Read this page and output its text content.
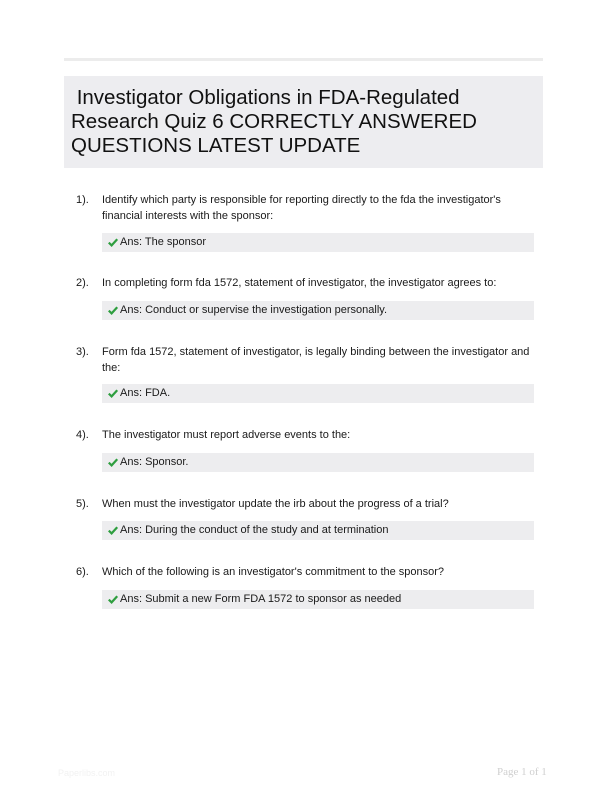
Investigator Obligations in FDA-Regulated Research Quiz 6 CORRECTLY ANSWERED QUESTIONS LATEST UPDATE
1). Identify which party is responsible for reporting directly to the fda the investigator's financial interests with the sponsor:
Ans: The sponsor
2). In completing form fda 1572, statement of investigator, the investigator agrees to:
Ans: Conduct or supervise the investigation personally.
3). Form fda 1572, statement of investigator, is legally binding between the investigator and the:
Ans: FDA.
4). The investigator must report adverse events to the:
Ans: Sponsor.
5). When must the investigator update the irb about the progress of a trial?
Ans: During the conduct of the study and at termination
6). Which of the following is an investigator's commitment to the sponsor?
Ans: Submit a new Form FDA 1572 to sponsor as needed
Paperlibs.com	Page 1 of 1
